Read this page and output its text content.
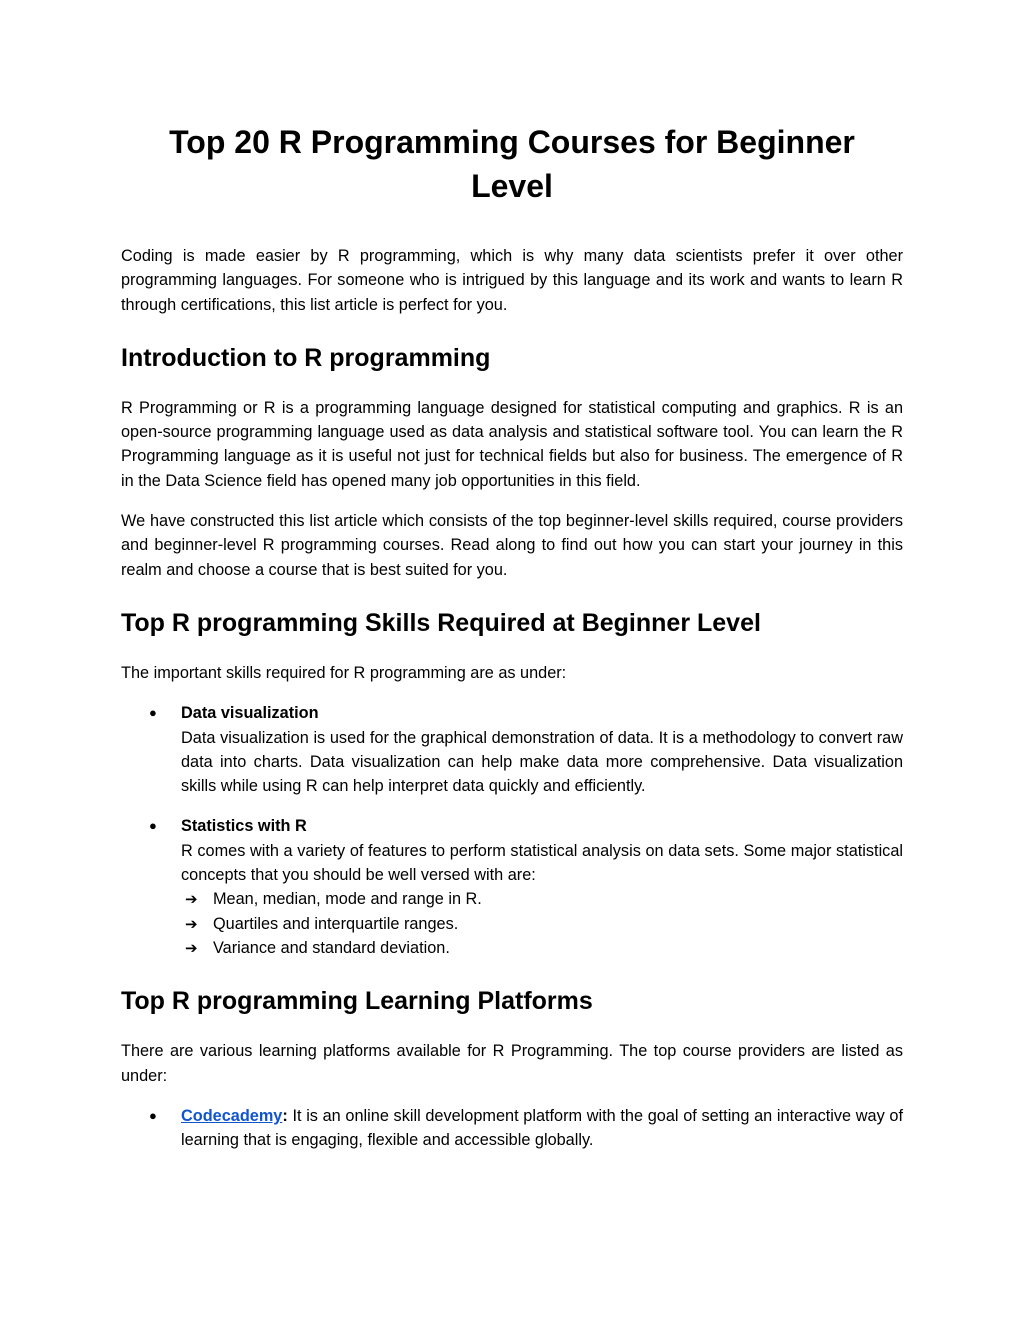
Top 20 R Programming Courses for Beginner Level

Coding is made easier by R programming, which is why many data scientists prefer it over other programming languages. For someone who is intrigued by this language and its work and wants to learn R through certifications, this list article is perfect for you.

Introduction to R programming

R Programming or R is a programming language designed for statistical computing and graphics. R is an open-source programming language used as data analysis and statistical software tool. You can learn the R Programming language as it is useful not just for technical fields but also for business. The emergence of R in the Data Science field has opened many job opportunities in this field.

We have constructed this list article which consists of the top beginner-level skills required, course providers and beginner-level R programming courses. Read along to find out how you can start your journey in this realm and choose a course that is best suited for you.

Top R programming Skills Required at Beginner Level

The important skills required for R programming are as under:

● Data visualization
Data visualization is used for the graphical demonstration of data. It is a methodology to convert raw data into charts. Data visualization can help make data more comprehensive. Data visualization skills while using R can help interpret data quickly and efficiently.
● Statistics with R
R comes with a variety of features to perform statistical analysis on data sets. Some major statistical concepts that you should be well versed with are:
➔ Mean, median, mode and range in R.
➔ Quartiles and interquartile ranges.
➔ Variance and standard deviation.
Top R programming Learning Platforms

There are various learning platforms available for R Programming. The top course providers are listed as under:

● Codecademy: It is an online skill development platform with the goal of setting an interactive way of learning that is engaging, flexible and accessible globally.
